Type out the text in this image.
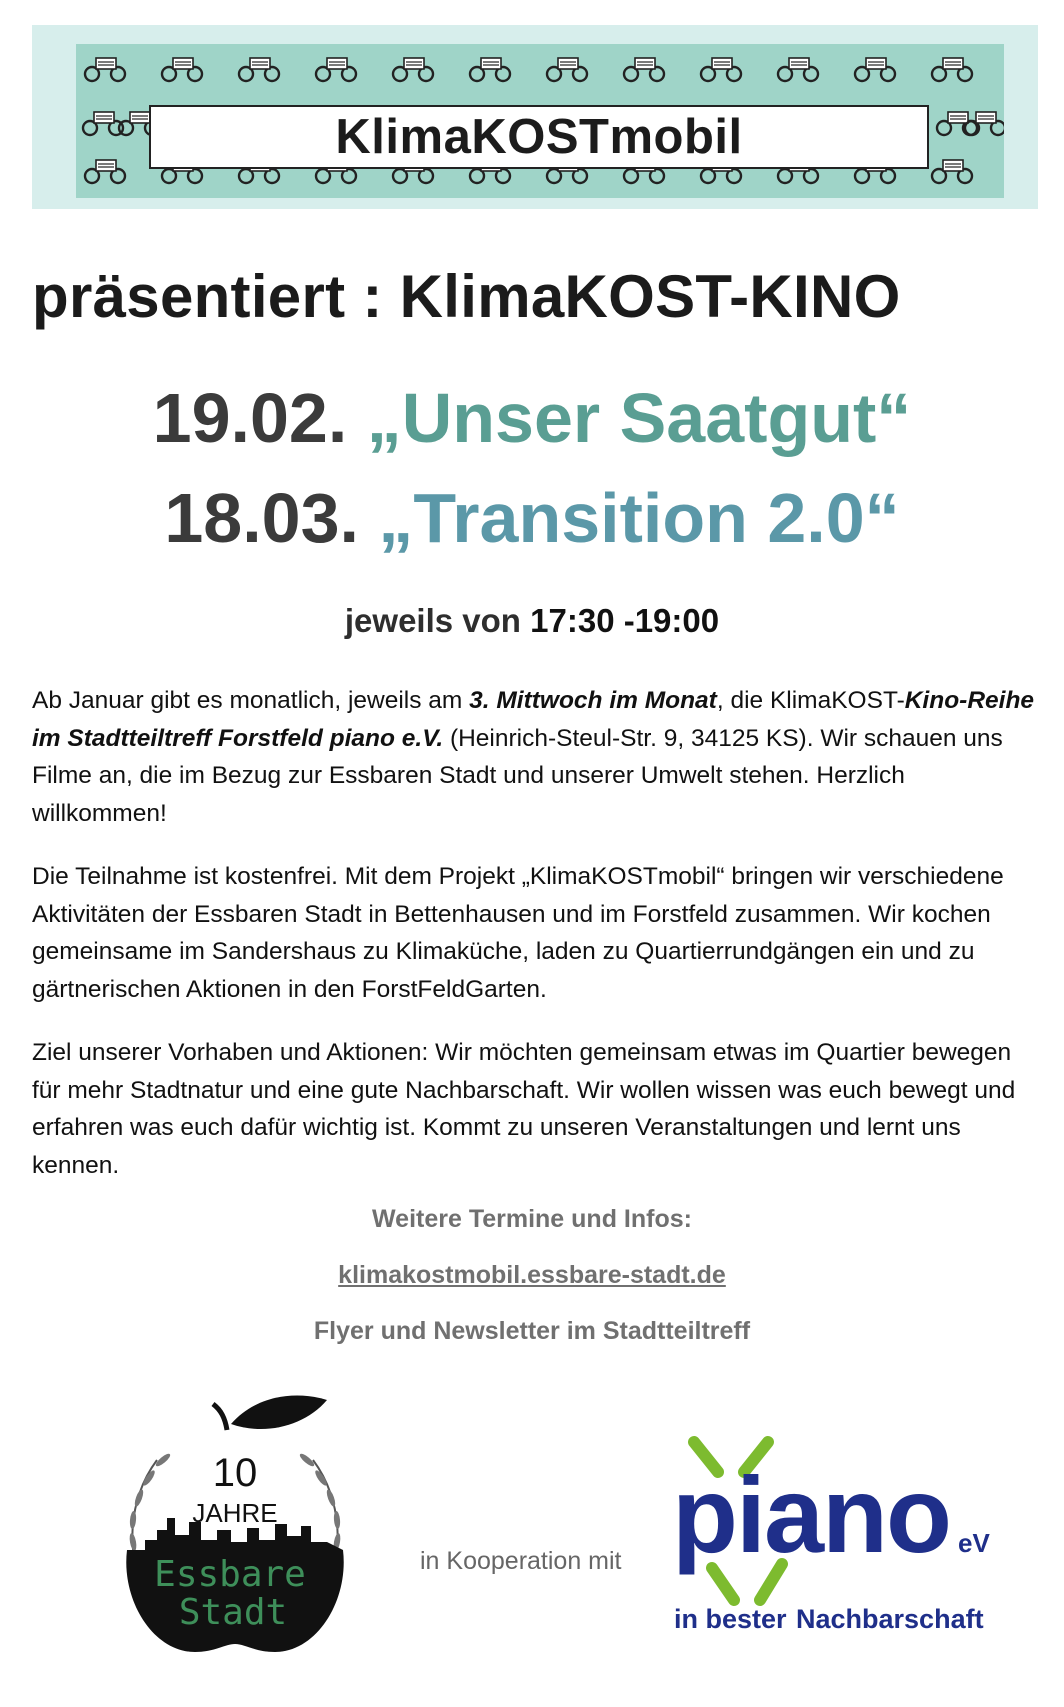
KlimaKOSTmobil
präsentiert : KlimaKOST-KINO
19.02. „Unser Saatgut“
18.03. „Transition 2.0“
jeweils von 17:30 -19:00
Ab Januar gibt es monatlich, jeweils am 3. Mittwoch im Monat, die KlimaKOST-Kino-Reihe im Stadtteiltreff Forstfeld piano e.V. (Heinrich-Steul-Str. 9, 34125 KS). Wir schauen uns Filme an, die im Bezug zur Essbaren Stadt und unserer Umwelt stehen. Herzlich willkommen!
Die Teilnahme ist kostenfrei. Mit dem Projekt „KlimaKOSTmobil“ bringen wir verschiedene Aktivitäten der Essbaren Stadt in Bettenhausen und im Forstfeld zusammen. Wir kochen gemeinsame im Sandershaus zu Klimaküche, laden zu Quartierrundgängen ein und zu gärtnerischen Aktionen in den ForstFeldGarten.
Ziel unserer Vorhaben und Aktionen: Wir möchten gemeinsam etwas im Quartier bewegen für mehr Stadtnatur und eine gute Nachbarschaft. Wir wollen wissen was euch bewegt und erfahren was euch dafür wichtig ist. Kommt zu unseren Veranstaltungen und lernt uns kennen.
Weitere Termine und Infos:
klimakostmobil.essbare-stadt.de
Flyer und Newsletter im Stadtteiltreff
10
JAHRE
Essbare
Stadt
in Kooperation mit piano eV
in bester Nachbarschaft
